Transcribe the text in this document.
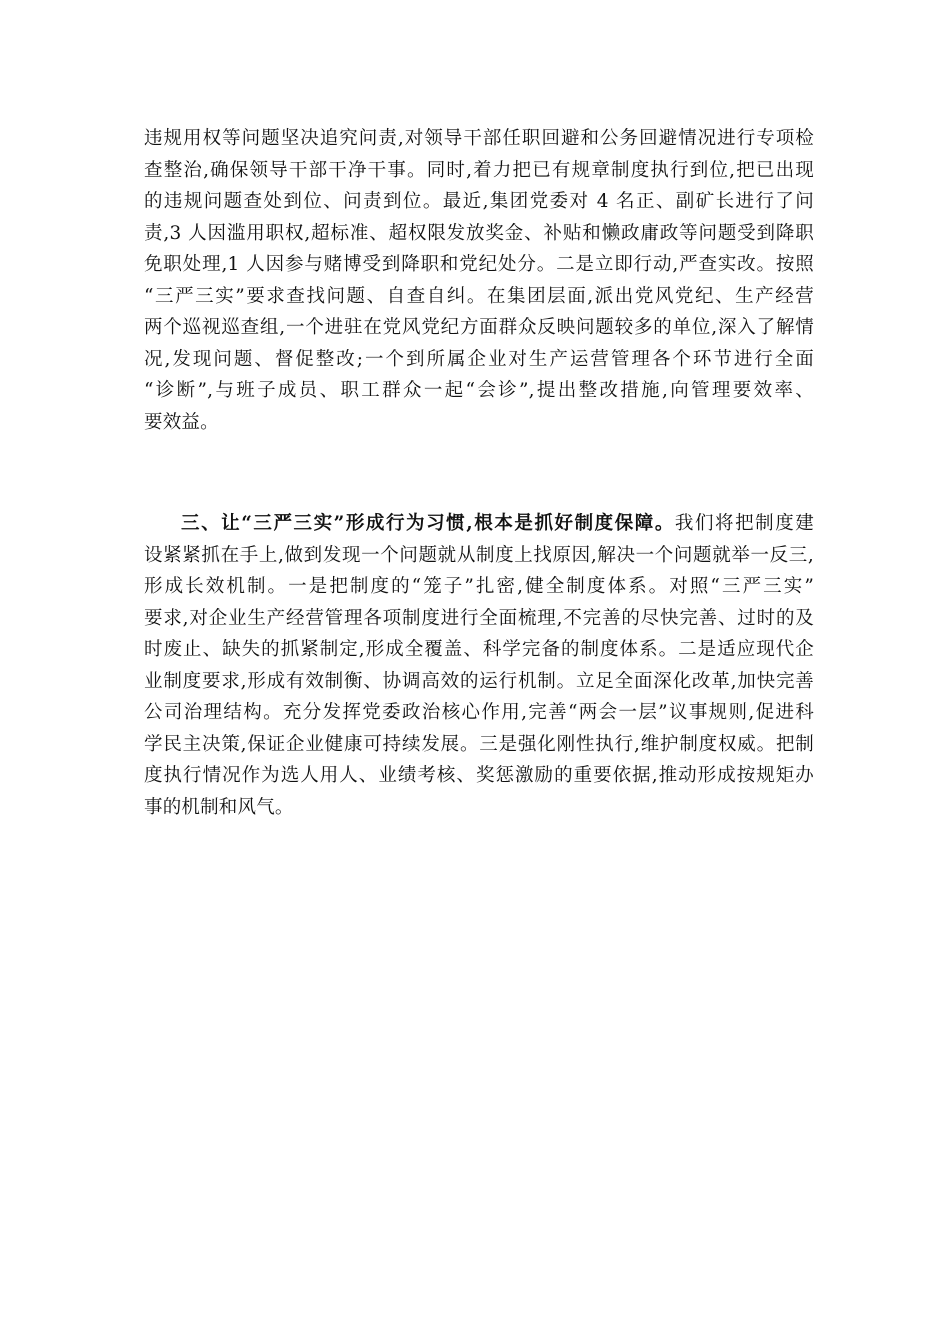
违规用权等问题坚决追究问责,对领导干部任职回避和公务回避情况进行专项检
查整治,确保领导干部干净干事。同时,着力把已有规章制度执行到位,把已出现
的违规问题查处到位、问责到位。最近,集团党委对 4 名正、副矿长进行了问
责,3 人因滥用职权,超标准、超权限发放奖金、补贴和懒政庸政等问题受到降职
免职处理,1 人因参与赌博受到降职和党纪处分。二是立即行动,严查实改。按照
“三严三实”要求查找问题、自查自纠。在集团层面,派出党风党纪、生产经营
两个巡视巡查组,一个进驻在党风党纪方面群众反映问题较多的单位,深入了解情
况,发现问题、督促整改;一个到所属企业对生产运营管理各个环节进行全面
“诊断”,与班子成员、职工群众一起“会诊”,提出整改措施,向管理要效率、
要效益。
三、让“三严三实”形成行为习惯,根本是抓好制度保障。我们将把制度建
设紧紧抓在手上,做到发现一个问题就从制度上找原因,解决一个问题就举一反三,
形成长效机制。一是把制度的“笼子”扎密,健全制度体系。对照“三严三实”
要求,对企业生产经营管理各项制度进行全面梳理,不完善的尽快完善、过时的及
时废止、缺失的抓紧制定,形成全覆盖、科学完备的制度体系。二是适应现代企
业制度要求,形成有效制衡、协调高效的运行机制。立足全面深化改革,加快完善
公司治理结构。充分发挥党委政治核心作用,完善“两会一层”议事规则,促进科
学民主决策,保证企业健康可持续发展。三是强化刚性执行,维护制度权威。把制
度执行情况作为选人用人、业绩考核、奖惩激励的重要依据,推动形成按规矩办
事的机制和风气。
